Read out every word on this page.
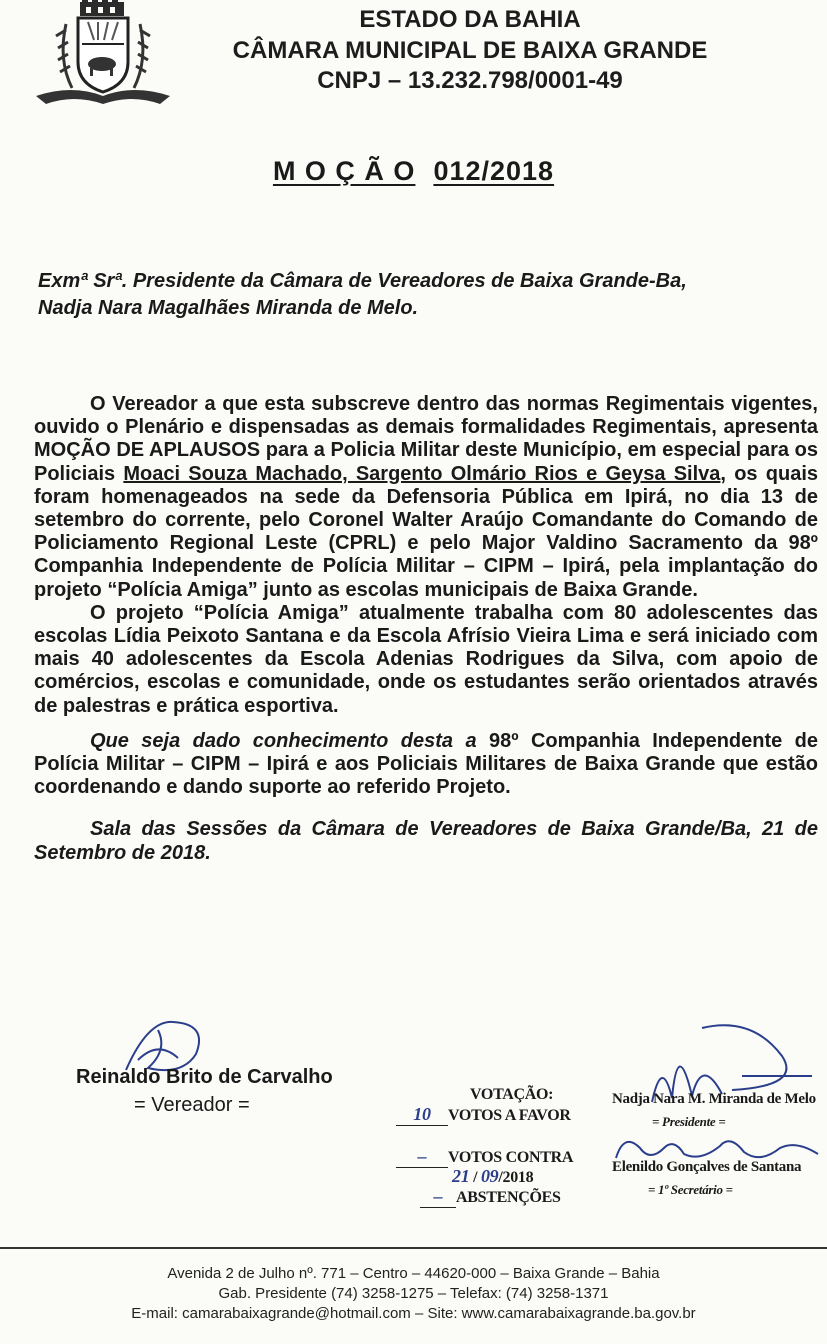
ESTADO DA BAHIA
CÂMARA MUNICIPAL DE BAIXA GRANDE
CNPJ – 13.232.798/0001-49
M O Ç Ã O 012/2018
Exmª Srª. Presidente da Câmara de Vereadores de Baixa Grande-Ba,
Nadja Nara Magalhães Miranda de Melo.

O Vereador a que esta subscreve dentro das normas Regimentais vigentes, ouvido o Plenário e dispensadas as demais formalidades Regimentais, apresenta MOÇÃO DE APLAUSOS para a Policia Militar deste Município, em especial para os Policiais Moaci Souza Machado, Sargento Olmário Rios e Geysa Silva, os quais foram homenageados na sede da Defensoria Pública em Ipirá, no dia 13 de setembro do corrente, pelo Coronel Walter Araújo Comandante do Comando de Policiamento Regional Leste (CPRL) e pelo Major Valdino Sacramento da 98º Companhia Independente de Polícia Militar – CIPM – Ipirá, pela implantação do projeto “Polícia Amiga” junto as escolas municipais de Baixa Grande.

O projeto “Polícia Amiga” atualmente trabalha com 80 adolescentes das escolas Lídia Peixoto Santana e da Escola Afrísio Vieira Lima e será iniciado com mais 40 adolescentes da Escola Adenias Rodrigues da Silva, com apoio de comércios, escolas e comunidade, onde os estudantes serão orientados através de palestras e prática esportiva.

Que seja dado conhecimento desta a 98º Companhia Independente de Polícia Militar – CIPM – Ipirá e aos Policiais Militares de Baixa Grande que estão coordenando e dando suporte ao referido Projeto.

Sala das Sessões da Câmara de Vereadores de Baixa Grande/Ba, 21 de Setembro de 2018.

Reinaldo Brito de Carvalho
= Vereador =	VOTAÇÃO:
10 VOTOS A FAVOR
– VOTOS CONTRA
21 / 09/2018
– ABSTENÇÕES
Nadja Nara M. Miranda de Melo
= Presidente =
Elenildo Gonçalves de Santana
= 1º Secretário =
Avenida 2 de Julho nº. 771 – Centro – 44620-000 – Baixa Grande – Bahia
Gab. Presidente (74) 3258-1275 – Telefax: (74) 3258-1371
E-mail: camarabaixagrande@hotmail.com – Site: www.camarabaixagrande.ba.gov.br
